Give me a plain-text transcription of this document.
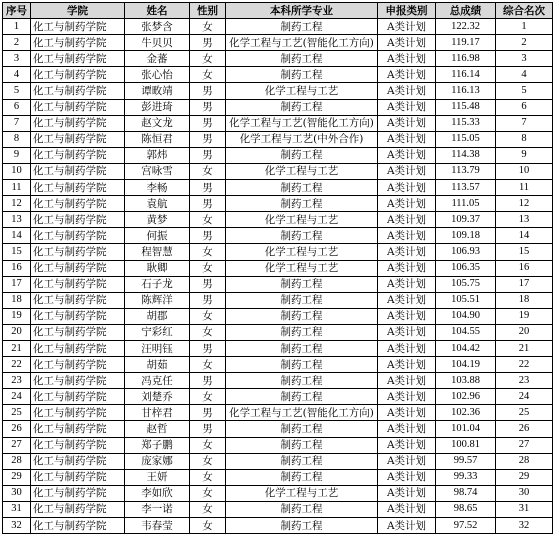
序号	学院	姓名	性别	本科所学专业	申报类别	总成绩	综合名次
1	化工与制药学院	张梦含	女	制药工程	A类计划	122.32	1
2	化工与制药学院	牛贝贝	男	化学工程与工艺(智能化工方向)	A类计划	119.17	2
3	化工与制药学院	金蕃	女	制药工程	A类计划	116.98	3
4	化工与制药学院	张心怡	女	制药工程	A类计划	116.14	4
5	化工与制药学院	谭畋靖	男	化学工程与工艺	A类计划	116.13	5
6	化工与制药学院	彭进琦	男	制药工程	A类计划	115.48	6
7	化工与制药学院	赵文龙	男	化学工程与工艺(智能化工方向)	A类计划	115.33	7
8	化工与制药学院	陈恒君	男	化学工程与工艺(中外合作)	A类计划	115.05	8
9	化工与制药学院	郭炜	男	制药工程	A类计划	114.38	9
10	化工与制药学院	宫咏雪	女	化学工程与工艺	A类计划	113.79	10
11	化工与制药学院	李畅	男	制药工程	A类计划	113.57	11
12	化工与制药学院	袁航	男	制药工程	A类计划	111.05	12
13	化工与制药学院	黄梦	女	化学工程与工艺	A类计划	109.37	13
14	化工与制药学院	何振	男	制药工程	A类计划	109.18	14
15	化工与制药学院	程智慧	女	化学工程与工艺	A类计划	106.93	15
16	化工与制药学院	耿卿	女	化学工程与工艺	A类计划	106.35	16
17	化工与制药学院	石子龙	男	制药工程	A类计划	105.75	17
18	化工与制药学院	陈辉洋	男	制药工程	A类计划	105.51	18
19	化工与制药学院	胡郡	女	制药工程	A类计划	104.90	19
20	化工与制药学院	宁彩红	女	制药工程	A类计划	104.55	20
21	化工与制药学院	汪明钰	男	制药工程	A类计划	104.42	21
22	化工与制药学院	胡茹	女	制药工程	A类计划	104.19	22
23	化工与制药学院	冯克任	男	制药工程	A类计划	103.88	23
24	化工与制药学院	刘楚乔	女	制药工程	A类计划	102.96	24
25	化工与制药学院	甘梓君	男	化学工程与工艺(智能化工方向)	A类计划	102.36	25
26	化工与制药学院	赵哲	男	制药工程	A类计划	101.04	26
27	化工与制药学院	郑子鹏	女	制药工程	A类计划	100.81	27
28	化工与制药学院	庞家娜	女	制药工程	A类计划	99.57	28
29	化工与制药学院	王妍	女	制药工程	A类计划	99.33	29
30	化工与制药学院	李如欣	女	化学工程与工艺	A类计划	98.74	30
31	化工与制药学院	李一诺	女	制药工程	A类计划	98.65	31
32	化工与制药学院	韦春莹	女	制药工程	A类计划	97.52	32
